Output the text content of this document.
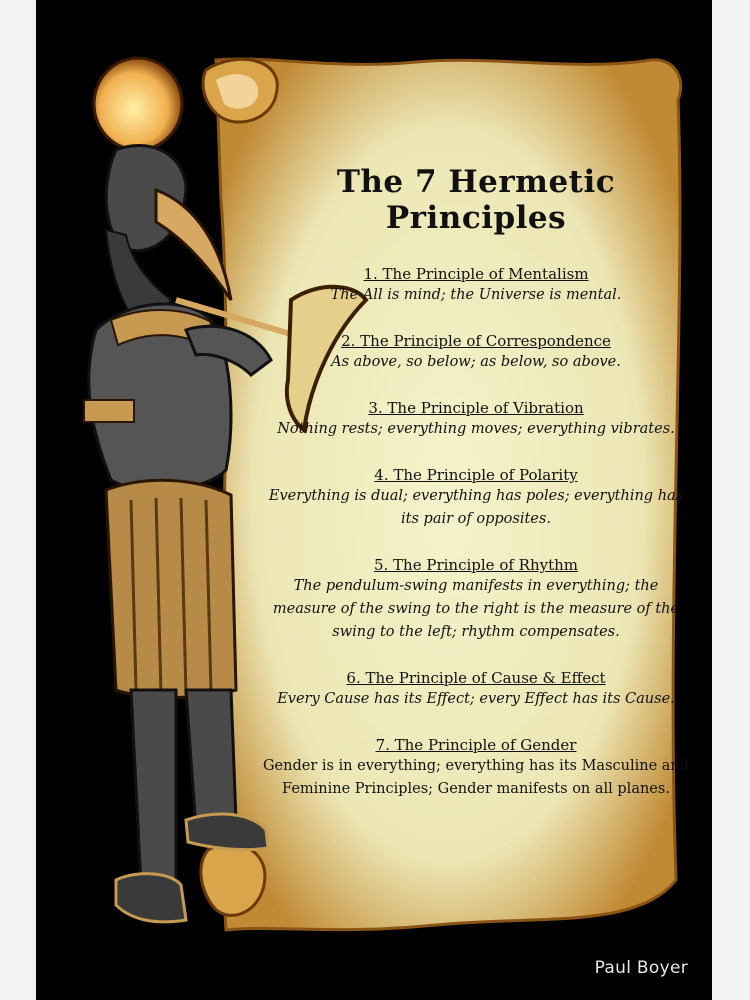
The 7 Hermetic Principles
1. The Principle of Mentalism
The All is mind; the Universe is mental.
2. The Principle of Correspondence
As above, so below; as below, so above.
3. The Principle of Vibration
Nothing rests; everything moves; everything vibrates.
4. The Principle of Polarity
Everything is dual; everything has poles; everything has its pair of opposites.
5. The Principle of Rhythm
The pendulum-swing manifests in everything; the measure of the swing to the right is the measure of the swing to the left; rhythm compensates.
6. The Principle of Cause & Effect
Every Cause has its Effect; every Effect has its Cause.
7. The Principle of Gender
Gender is in everything; everything has its Masculine and Feminine Principles; Gender manifests on all planes.
Paul Boyer
